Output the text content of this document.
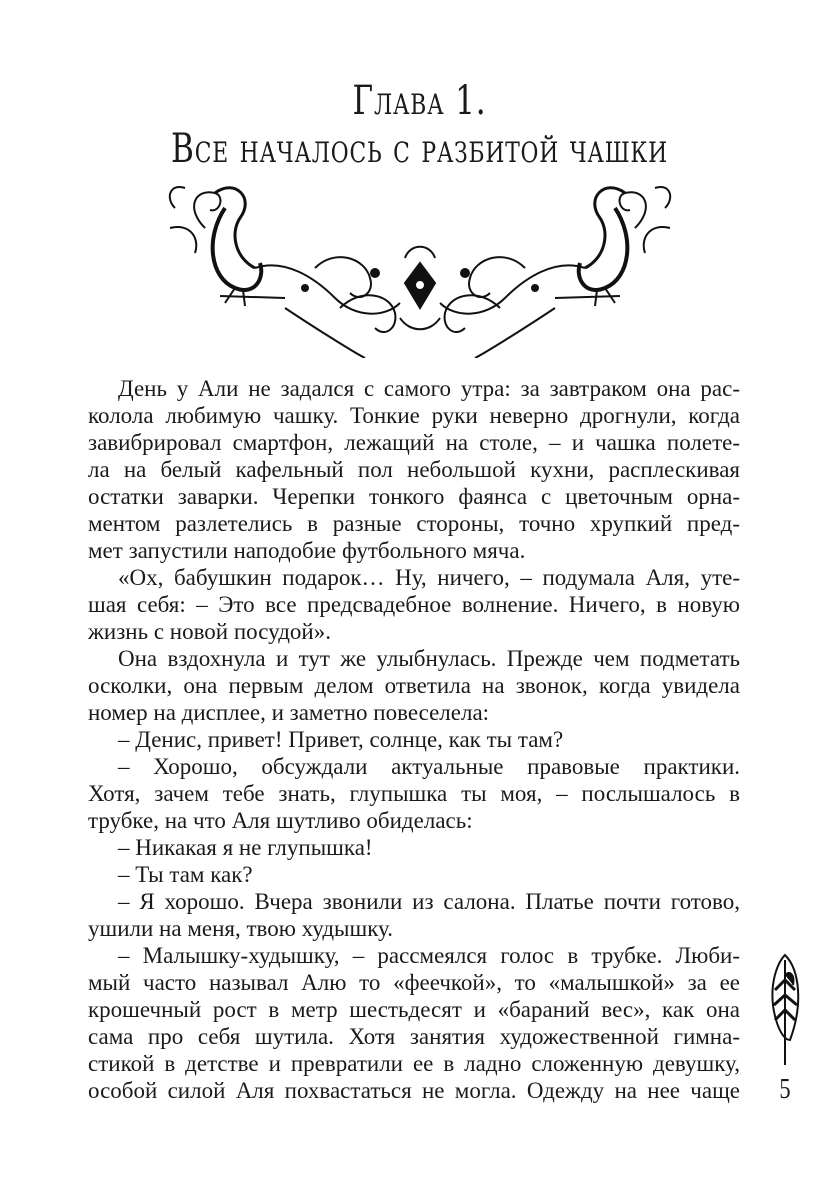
Глава 1.
Все началось с разбитой чашки
День у Али не задался с самого утра: за завтраком она рас-
колола любимую чашку. Тонкие руки неверно дрогнули, когда
завибрировал смартфон, лежащий на столе, – и чашка полете-
ла на белый кафельный пол небольшой кухни, расплескивая
остатки заварки. Черепки тонкого фаянса с цветочным орна-
ментом разлетелись в разные стороны, точно хрупкий пред-
мет запустили наподобие футбольного мяча.
«Ох, бабушкин подарок… Ну, ничего, – подумала Аля, уте-
шая себя: – Это все предсвадебное волнение. Ничего, в новую
жизнь с новой посудой».
Она вздохнула и тут же улыбнулась. Прежде чем подметать
осколки, она первым делом ответила на звонок, когда увидела
номер на дисплее, и заметно повеселела:
– Денис, привет! Привет, солнце, как ты там?
– Хорошо, обсуждали актуальные правовые практики.
Хотя, зачем тебе знать, глупышка ты моя, – послышалось в
трубке, на что Аля шутливо обиделась:
– Никакая я не глупышка!
– Ты там как?
– Я хорошо. Вчера звонили из салона. Платье почти готово,
ушили на меня, твою худышку.
– Малышку-худышку, – рассмеялся голос в трубке. Люби-
мый часто называл Алю то «феечкой», то «малышкой» за ее
крошечный рост в метр шестьдесят и «бараний вес», как она
сама про себя шутила. Хотя занятия художественной гимна-
стикой в детстве и превратили ее в ладно сложенную девушку,
особой силой Аля похвастаться не могла. Одежду на нее чаще 5
